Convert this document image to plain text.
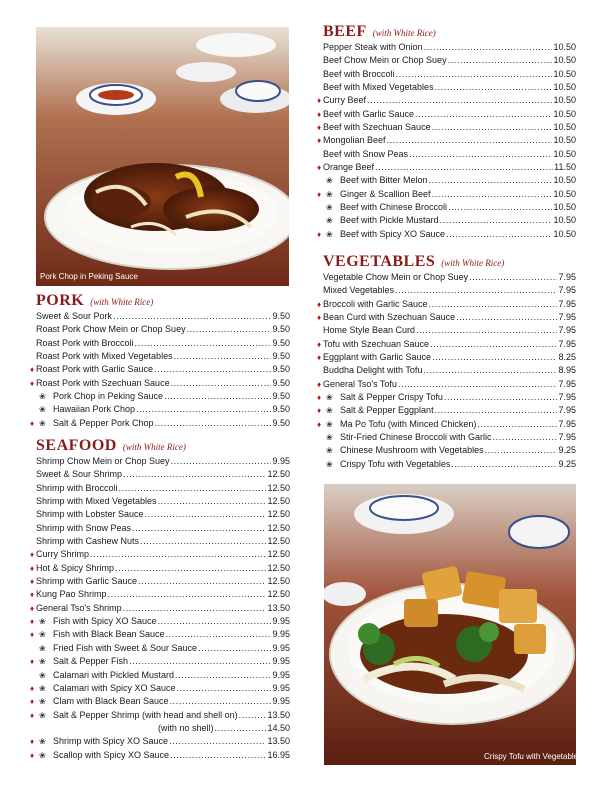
Pork Chop in Peking Sauce
Crispy Tofu with Vegetables
PORK (with White Rice)
Sweet & Sour Pork .....	9.50
Roast Pork Chow Mein or Chop Suey .....	9.50
Roast Pork with Broccoli .....	9.50
Roast Pork with Mixed Vegetables .....	9.50
♦ Roast Pork with Garlic Sauce .....	9.50
♦ Roast Pork with Szechuan Sauce .....	9.50
❀ Pork Chop in Peking Sauce .....	9.50
❀ Hawaiian Pork Chop .....	9.50
♦ ❀ Salt & Pepper Pork Chop .....	9.50
SEAFOOD (with White Rice)
Shrimp Chow Mein or Chop Suey .....	9.95
Sweet & Sour Shrimp .....	12.50
Shrimp with Broccoli .....	12.50
Shrimp with Mixed Vegetables .....	12.50
Shrimp with Lobster Sauce .....	12.50
Shrimp with Snow Peas .....	12.50
Shrimp with Cashew Nuts .....	12.50
♦ Curry Shrimp .....	12.50
♦ Hot & Spicy Shrimp .....	12.50
♦ Shrimp with Garlic Sauce .....	12.50
♦ Kung Pao Shrimp .....	12.50
♦ General Tso's Shrimp .....	13.50
♦ ❀ Fish with Spicy XO Sauce .....	9.95
♦ ❀ Fish with Black Bean Sauce .....	9.95
❀ Fried Fish with Sweet & Sour Sauce .....	9.95
♦ ❀ Salt & Pepper Fish .....	9.95
❀ Calamari with Pickled Mustard .....	9.95
♦ ❀ Calamari with Spicy XO Sauce .....	9.95
♦ ❀ Clam with Black Bean Sauce .....	9.95
♦ ❀ Salt & Pepper Shrimp (with head and shell on) .....	13.50
(with no shell) .....	14.50
♦ ❀ Shrimp with Spicy XO Sauce .....	13.50
♦ ❀ Scallop with Spicy XO Sauce .....	16.95
BEEF (with White Rice)
Pepper Steak with Onion .....	10.50
Beef Chow Mein or Chop Suey .....	10.50
Beef with Broccoli .....	10.50
Beef with Mixed Vegetables .....	10.50
♦ Curry Beef .....	10.50
♦ Beef with Garlic Sauce .....	10.50
♦ Beef with Szechuan Sauce .....	10.50
♦ Mongolian Beef .....	10.50
Beef with Snow Peas .....	10.50
♦ Orange Beef .....	11.50
❀ Beef with Bitter Melon .....	10.50
♦ ❀ Ginger & Scallion Beef .....	10.50
❀ Beef with Chinese Broccoli .....	10.50
❀ Beef with Pickle Mustard .....	10.50
♦ ❀ Beef with Spicy XO Sauce .....	10.50
VEGETABLES (with White Rice)
Vegetable Chow Mein or Chop Suey .....	7.95
Mixed Vegetables .....	7.95
♦ Broccoli with Garlic Sauce .....	7.95
♦ Bean Curd with Szechuan Sauce .....	7.95
Home Style Bean Curd .....	7.95
♦ Tofu with Szechuan Sauce .....	7.95
♦ Eggplant with Garlic Sauce .....	8.25
Buddha Delight with Tofu .....	8.95
♦ General Tso's Tofu .....	7.95
♦ ❀ Salt & Pepper Crispy Tofu .....	7.95
♦ ❀ Salt & Pepper Eggplant .....	7.95
♦ ❀ Ma Po Tofu (with Minced Chicken) .....	7.95
❀ Stir-Fried Chinese Broccoli with Garlic .....	7.95
❀ Chinese Mushroom with Vegetables .....	9.25
❀ Crispy Tofu with Vegetables .....	9.25
